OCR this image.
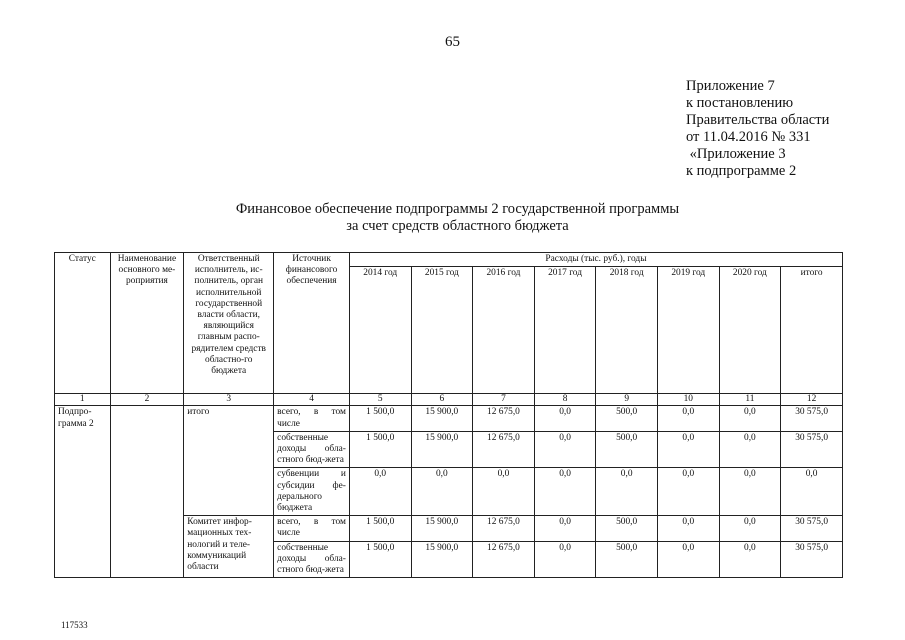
65
Приложение 7
к постановлению
Правительства области
от 11.04.2016 № 331
«Приложение 3
к подпрограмме 2
Финансовое обеспечение подпрограммы 2 государственной программы
за счет средств областного бюджета
Статус	Наименование основного ме-роприятия	Ответственный исполнитель, ис-полнитель, орган исполнительной государственной власти области, являющийся главным распо-рядителем средств областно-го бюджета	Источник финансового обеспечения	Расходы (тыс. руб.), годы							
				2014 год	2015 год	2016 год	2017 год	2018 год	2019 год	2020 год	итого
1	2	3	4	5	6	7	8	9	10	11	12
Подпро-грамма 2		итого	всего, в том числе	1 500,0	15 900,0	12 675,0	0,0	500,0	0,0	0,0	30 575,0
			собственные доходы обла-стного бюд-жета	1 500,0	15 900,0	12 675,0	0,0	500,0	0,0	0,0	30 575,0
			субвенции и субсидии фе-дерального бюджета	0,0	0,0	0,0	0,0	0,0	0,0	0,0	0,0
		Комитет инфор-мационных тех-нологий и теле-коммуникаций области	всего, в том числе	1 500,0	15 900,0	12 675,0	0,0	500,0	0,0	0,0	30 575,0
			собственные доходы обла-стного бюд-жета	1 500,0	15 900,0	12 675,0	0,0	500,0	0,0	0,0	30 575,0
117533
